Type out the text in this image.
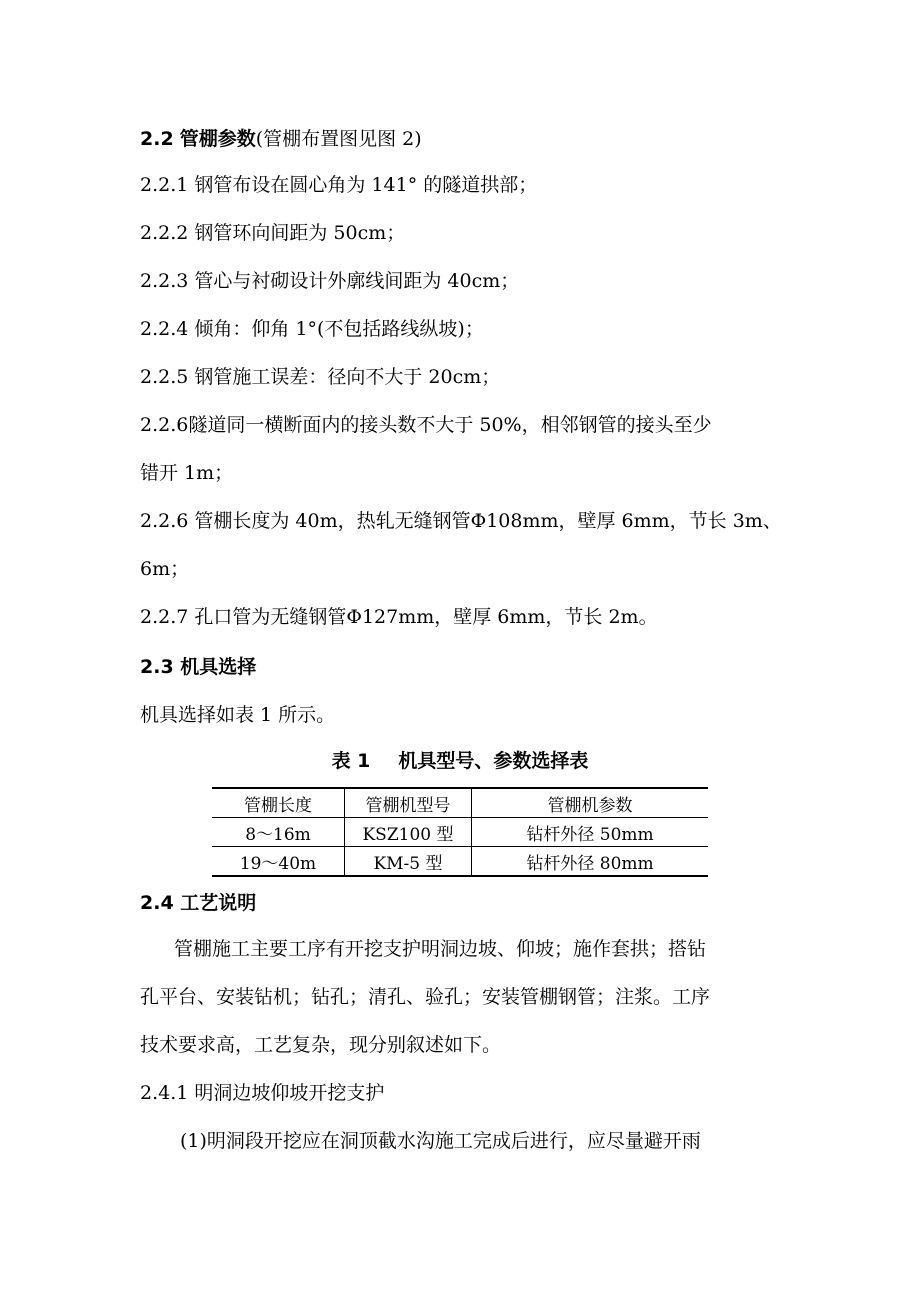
2.2 管棚参数(管棚布置图见图 2)
2.2.1 钢管布设在圆心角为 141° 的隧道拱部；
2.2.2 钢管环向间距为 50cm；
2.2.3 管心与衬砌设计外廓线间距为 40cm；
2.2.4 倾角：仰角 1°(不包括路线纵坡)；
2.2.5 钢管施工误差：径向不大于 20cm；
2.2.6隧道同一横断面内的接头数不大于 50%，相邻钢管的接头至少
错开 1m；
2.2.6 管棚长度为 40m，热轧无缝钢管Φ108mm，壁厚 6mm，节长 3m、
6m；
2.2.7 孔口管为无缝钢管Φ127mm，壁厚 6mm，节长 2m。
2.3 机具选择
机具选择如表 1 所示。
表 1 机具型号、参数选择表
管棚长度	管棚机型号	管棚机参数
8～16m	KSZ100 型	钻杆外径 50mm
19～40m	KM-5 型	钻杆外径 80mm
2.4 工艺说明
管棚施工主要工序有开挖支护明洞边坡、仰坡；施作套拱；搭钻
孔平台、安装钻机；钻孔；清孔、验孔；安装管棚钢管；注浆。工序
技术要求高，工艺复杂，现分别叙述如下。
2.4.1 明洞边坡仰坡开挖支护
(1)明洞段开挖应在洞顶截水沟施工完成后进行，应尽量避开雨
